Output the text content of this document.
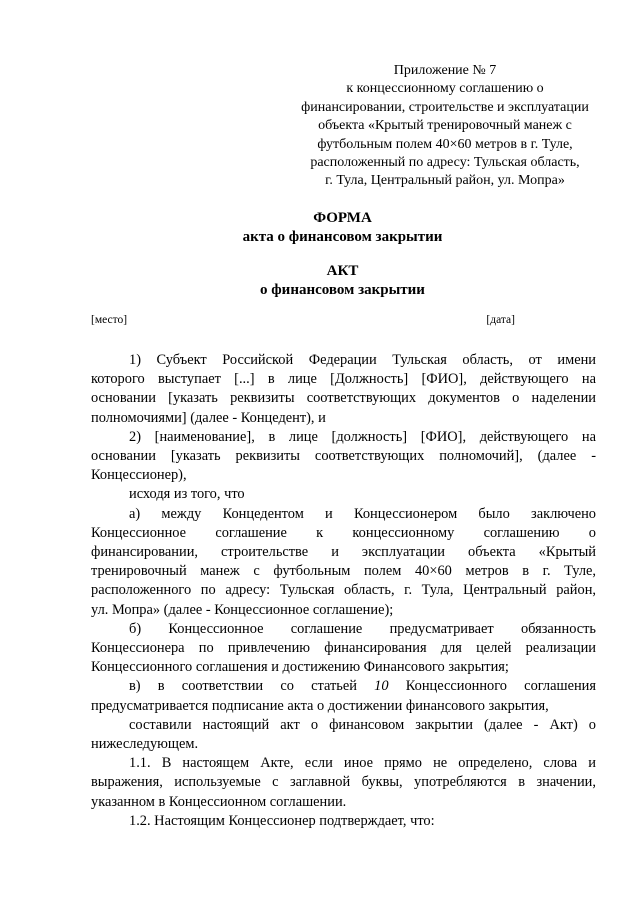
Приложение № 7
к концессионному соглашению о
финансировании, строительстве и эксплуатации
объекта «Крытый тренировочный манеж с
футбольным полем 40×60 метров в г. Туле,
расположенный по адресу: Тульская область,
г. Тула, Центральный район, ул. Мопра»
ФОРМА
акта о финансовом закрытии
АКТ
о финансовом закрытии
[место]	[дата]

1) Субъект Российской Федерации Тульская область, от имени

которого выступает [...] в лице [Должность] [ФИО], действующего на

основании [указать реквизиты соответствующих документов о наделении

полномочиями] (далее - Концедент), и

2) [наименование], в лице [должность] [ФИО], действующего на

основании [указать реквизиты соответствующих полномочий], (далее -

Концессионер),

исходя из того, что

а) между Концедентом и Концессионером было заключено

Концессионное соглашение к концессионному соглашению о

финансировании, строительстве и эксплуатации объекта «Крытый

тренировочный манеж с футбольным полем 40×60 метров в г. Туле,

расположенного по адресу: Тульская область, г. Тула, Центральный район,

ул. Мопра» (далее - Концессионное соглашение);

б) Концессионное соглашение предусматривает обязанность

Концессионера по привлечению финансирования для целей реализации

Концессионного соглашения и достижению Финансового закрытия;

в) в соответствии со статьей 10 Концессионного соглашения

предусматривается подписание акта о достижении финансового закрытия,

составили настоящий акт о финансовом закрытии (далее - Акт) о

нижеследующем.

1.1. В настоящем Акте, если иное прямо не определено, слова и

выражения, используемые с заглавной буквы, употребляются в значении,

указанном в Концессионном соглашении.

1.2. Настоящим Концессионер подтверждает, что:
